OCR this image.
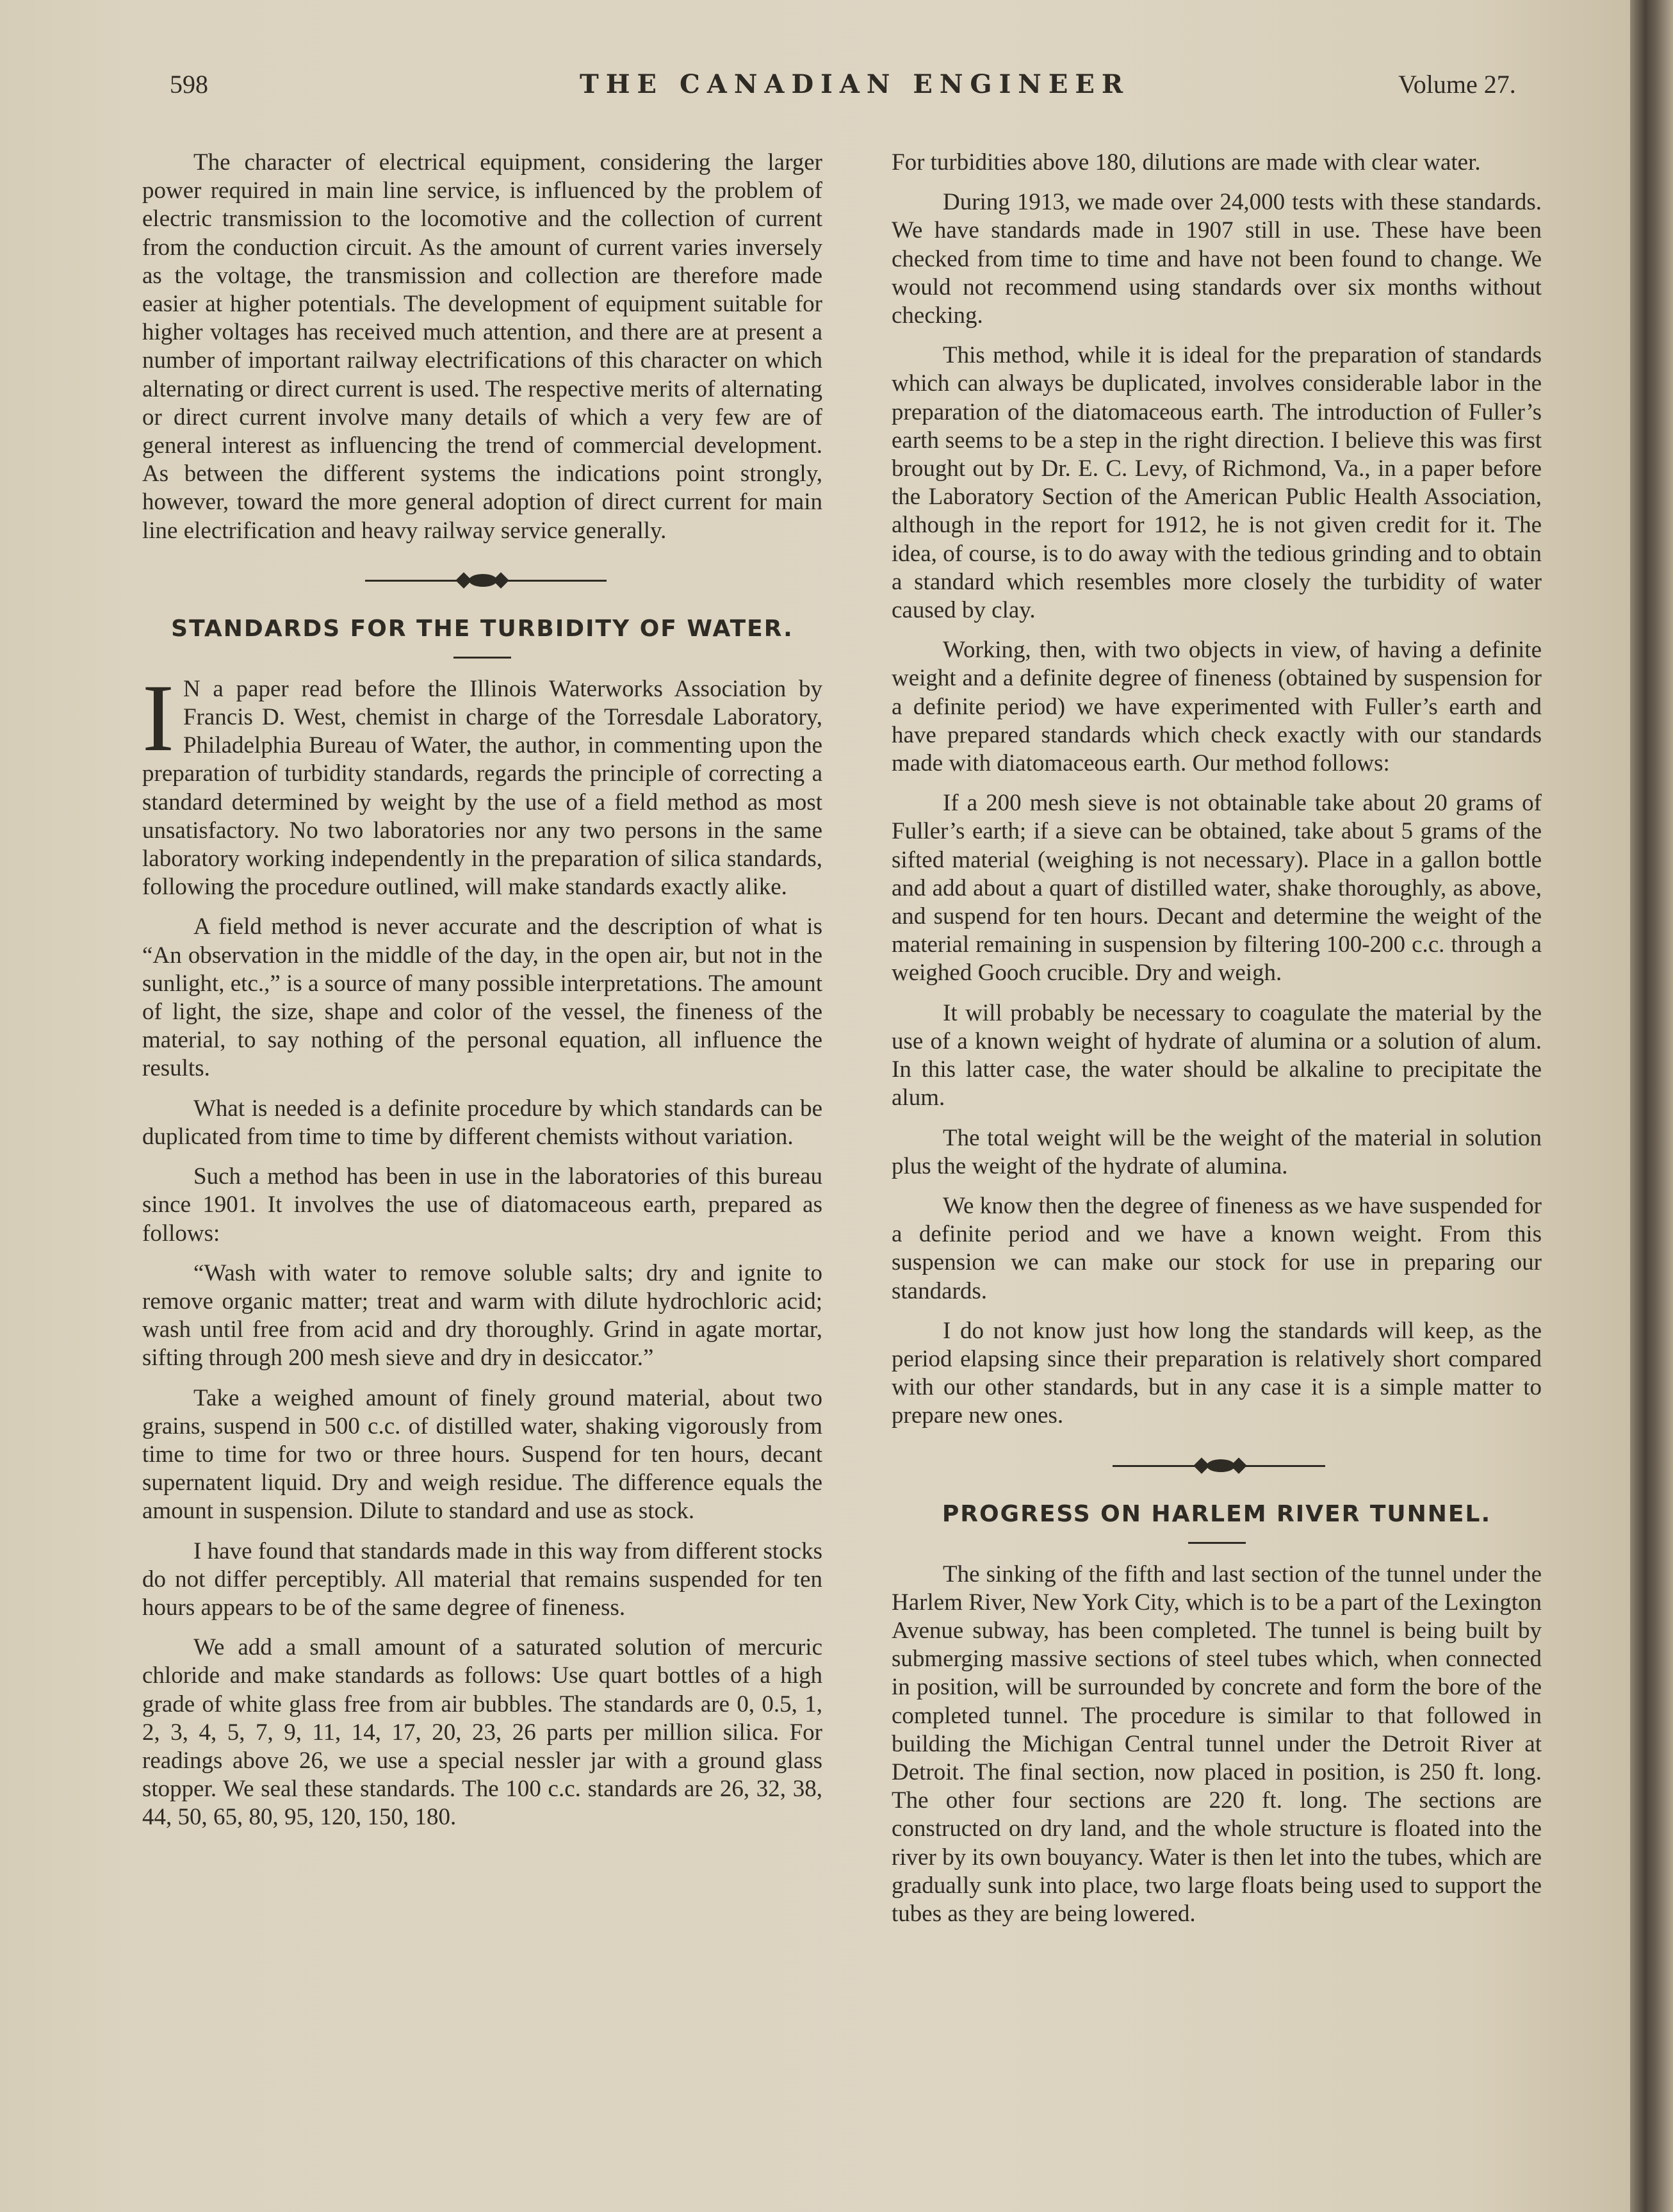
598	THE CANADIAN ENGINEER	Volume 27.

The character of electrical equipment, considering the larger power required in main line service, is influenced by the problem of electric transmission to the locomotive and the collection of current from the conduction circuit. As the amount of current varies inversely as the voltage, the transmission and collection are therefore made easier at higher potentials. The development of equipment suitable for higher voltages has received much attention, and there are at present a number of important railway electrifications of this character on which alternating or direct current is used. The respective merits of alternating or direct current involve many details of which a very few are of general interest as influencing the trend of commercial development. As between the different systems the indications point strongly, however, toward the more general adoption of direct current for main line electrification and heavy railway service generally.

STANDARDS FOR THE TURBIDITY OF WATER.
I N a paper read before the Illinois Waterworks Association by Francis D. West, chemist in charge of the Torresdale Laboratory, Philadelphia Bureau of Water, the author, in commenting upon the preparation of turbidity standards, regards the principle of correcting a standard determined by weight by the use of a field method as most unsatisfactory. No two laboratories nor any two persons in the same laboratory working independently in the preparation of silica standards, following the procedure outlined, will make standards exactly alike.

A field method is never accurate and the description of what is “An observation in the middle of the day, in the open air, but not in the sunlight, etc.,” is a source of many possible interpretations. The amount of light, the size, shape and color of the vessel, the fineness of the material, to say nothing of the personal equation, all influence the results.

What is needed is a definite procedure by which standards can be duplicated from time to time by different chemists without variation.

Such a method has been in use in the laboratories of this bureau since 1901. It involves the use of diatomaceous earth, prepared as follows:

“Wash with water to remove soluble salts; dry and ignite to remove organic matter; treat and warm with dilute hydrochloric acid; wash until free from acid and dry thoroughly. Grind in agate mortar, sifting through 200 mesh sieve and dry in desiccator.”

Take a weighed amount of finely ground material, about two grains, suspend in 500 c.c. of distilled water, shaking vigorously from time to time for two or three hours. Suspend for ten hours, decant supernatent liquid. Dry and weigh residue. The difference equals the amount in suspension. Dilute to standard and use as stock.

I have found that standards made in this way from different stocks do not differ perceptibly. All material that remains suspended for ten hours appears to be of the same degree of fineness.

We add a small amount of a saturated solution of mercuric chloride and make standards as follows: Use quart bottles of a high grade of white glass free from air bubbles. The standards are 0, 0.5, 1, 2, 3, 4, 5, 7, 9, 11, 14, 17, 20, 23, 26 parts per million silica. For readings above 26, we use a special nessler jar with a ground glass stopper. We seal these standards. The 100 c.c. standards are 26, 32, 38, 44, 50, 65, 80, 95, 120, 150, 180.

For turbidities above 180, dilutions are made with clear water.

During 1913, we made over 24,000 tests with these standards. We have standards made in 1907 still in use. These have been checked from time to time and have not been found to change. We would not recommend using standards over six months without checking.

This method, while it is ideal for the preparation of standards which can always be duplicated, involves considerable labor in the preparation of the diatomaceous earth. The introduction of Fuller’s earth seems to be a step in the right direction. I believe this was first brought out by Dr. E. C. Levy, of Richmond, Va., in a paper before the Laboratory Section of the American Public Health Association, although in the report for 1912, he is not given credit for it. The idea, of course, is to do away with the tedious grinding and to obtain a standard which resembles more closely the turbidity of water caused by clay.

Working, then, with two objects in view, of having a definite weight and a definite degree of fineness (obtained by suspension for a definite period) we have experimented with Fuller’s earth and have prepared standards which check exactly with our standards made with diatomaceous earth. Our method follows:

If a 200 mesh sieve is not obtainable take about 20 grams of Fuller’s earth; if a sieve can be obtained, take about 5 grams of the sifted material (weighing is not necessary). Place in a gallon bottle and add about a quart of distilled water, shake thoroughly, as above, and suspend for ten hours. Decant and determine the weight of the material remaining in suspension by filtering 100-200 c.c. through a weighed Gooch crucible. Dry and weigh.

It will probably be necessary to coagulate the material by the use of a known weight of hydrate of alumina or a solution of alum. In this latter case, the water should be alkaline to precipitate the alum.

The total weight will be the weight of the material in solution plus the weight of the hydrate of alumina.

We know then the degree of fineness as we have suspended for a definite period and we have a known weight. From this suspension we can make our stock for use in preparing our standards.

I do not know just how long the standards will keep, as the period elapsing since their preparation is relatively short compared with our other standards, but in any case it is a simple matter to prepare new ones.

PROGRESS ON HARLEM RIVER TUNNEL.

The sinking of the fifth and last section of the tunnel under the Harlem River, New York City, which is to be a part of the Lexington Avenue subway, has been completed. The tunnel is being built by submerging massive sections of steel tubes which, when connected in position, will be surrounded by concrete and form the bore of the completed tunnel. The procedure is similar to that followed in building the Michigan Central tunnel under the Detroit River at Detroit. The final section, now placed in position, is 250 ft. long. The other four sections are 220 ft. long. The sections are constructed on dry land, and the whole structure is floated into the river by its own bouyancy. Water is then let into the tubes, which are gradually sunk into place, two large floats being used to support the tubes as they are being lowered.
